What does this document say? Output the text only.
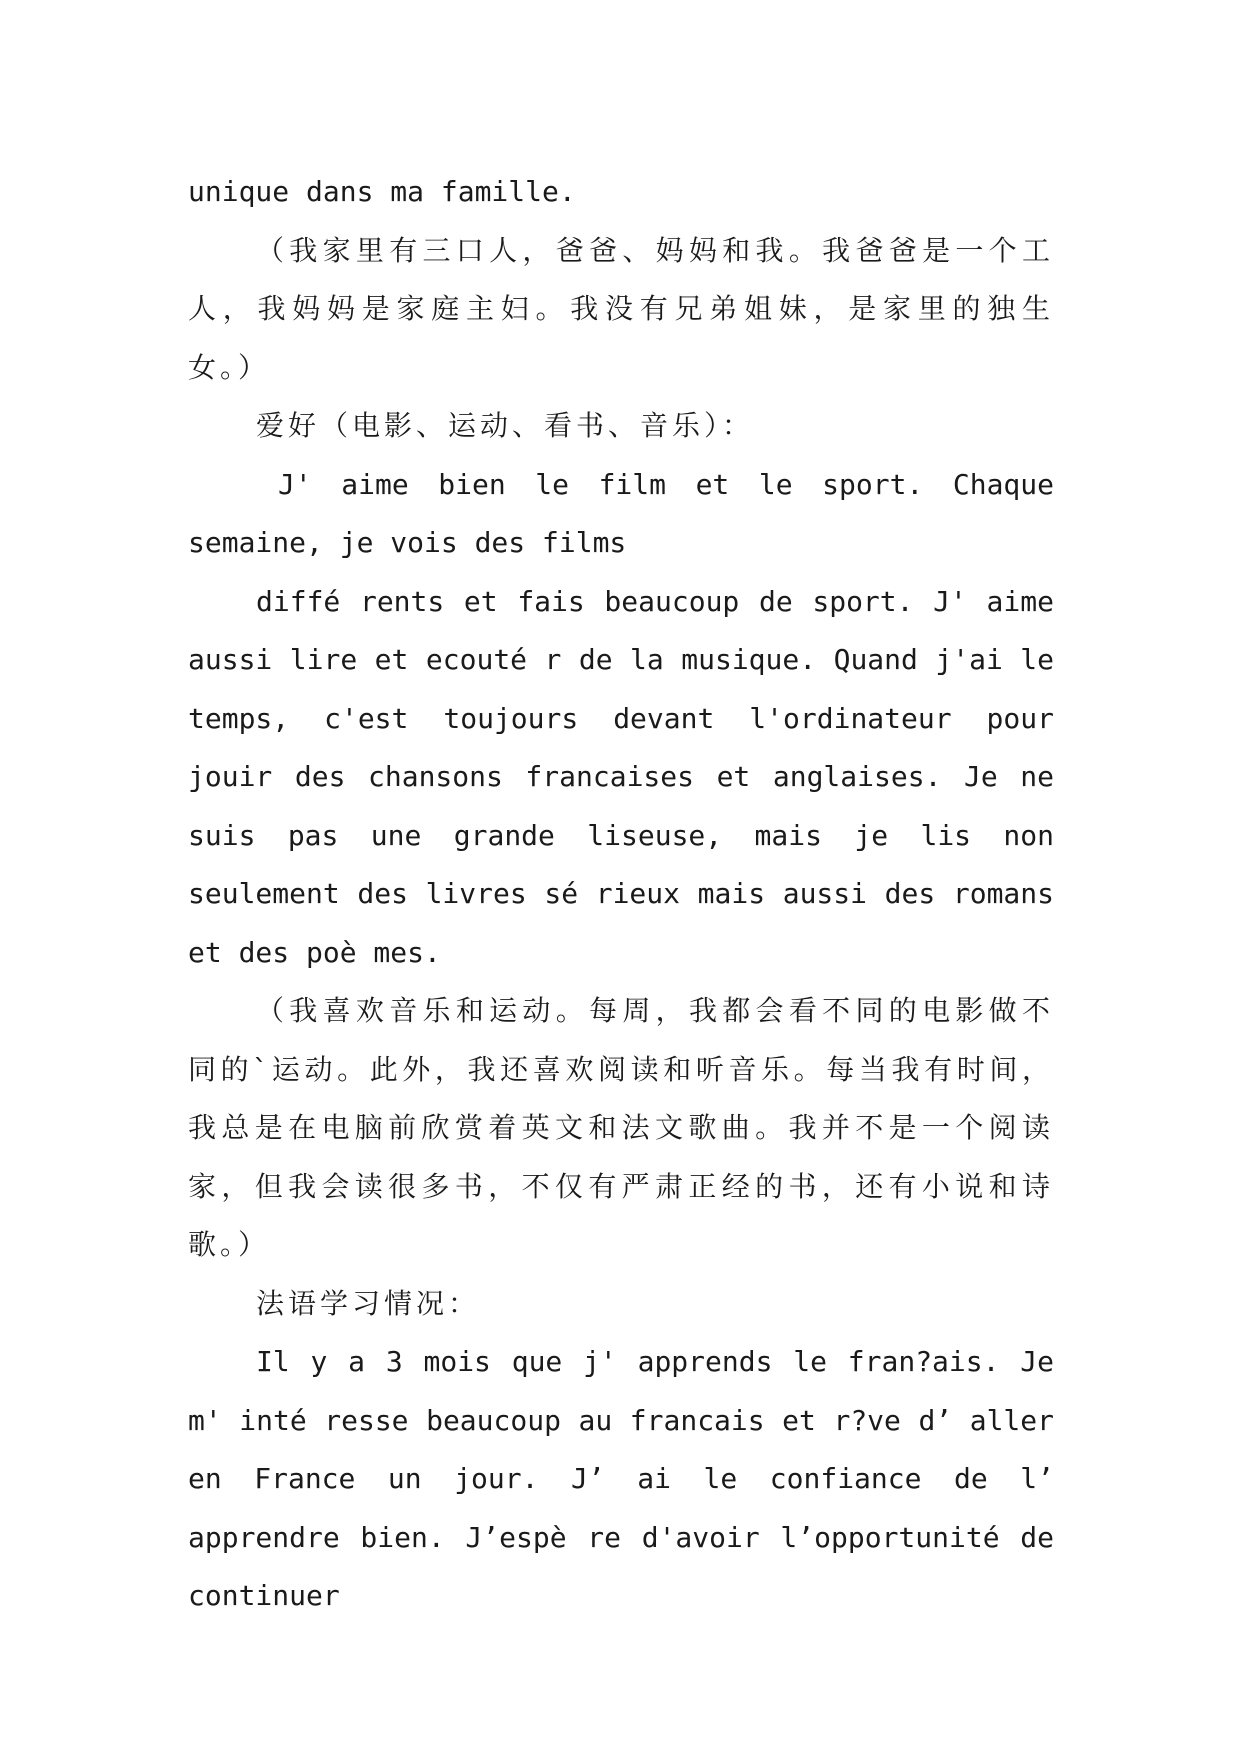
unique dans ma famille.

（我家里有三口人，爸爸、妈妈和我。我爸爸是一个工人，我妈妈是家庭主妇。我没有兄弟姐妹，是家里的独生女。）

爱好（电影、运动、看书、音乐）：

J' aime bien le film et le sport. Chaque semaine, je vois des films

diffé rents et fais beaucoup de sport. J' aime aussi lire et ecouté r de la musique. Quand j'ai le temps, c'est toujours devant l'ordinateur pour jouir des chansons francaises et anglaises. Je ne suis pas une grande liseuse, mais je lis non seulement des livres sé rieux mais aussi des romans et des poè mes.

（我喜欢音乐和运动。每周，我都会看不同的电影做不同的`运动。此外，我还喜欢阅读和听音乐。每当我有时间，我总是在电脑前欣赏着英文和法文歌曲。我并不是一个阅读家，但我会读很多书，不仅有严肃正经的书，还有小说和诗歌。）

法语学习情况：

Il y a 3 mois que j' apprends le fran?ais. Je m' inté resse beaucoup au francais et r?ve d’ aller en France un jour. J’ ai le confiance de l’ apprendre bien. J’espè re d'avoir l’opportunité de continuer
